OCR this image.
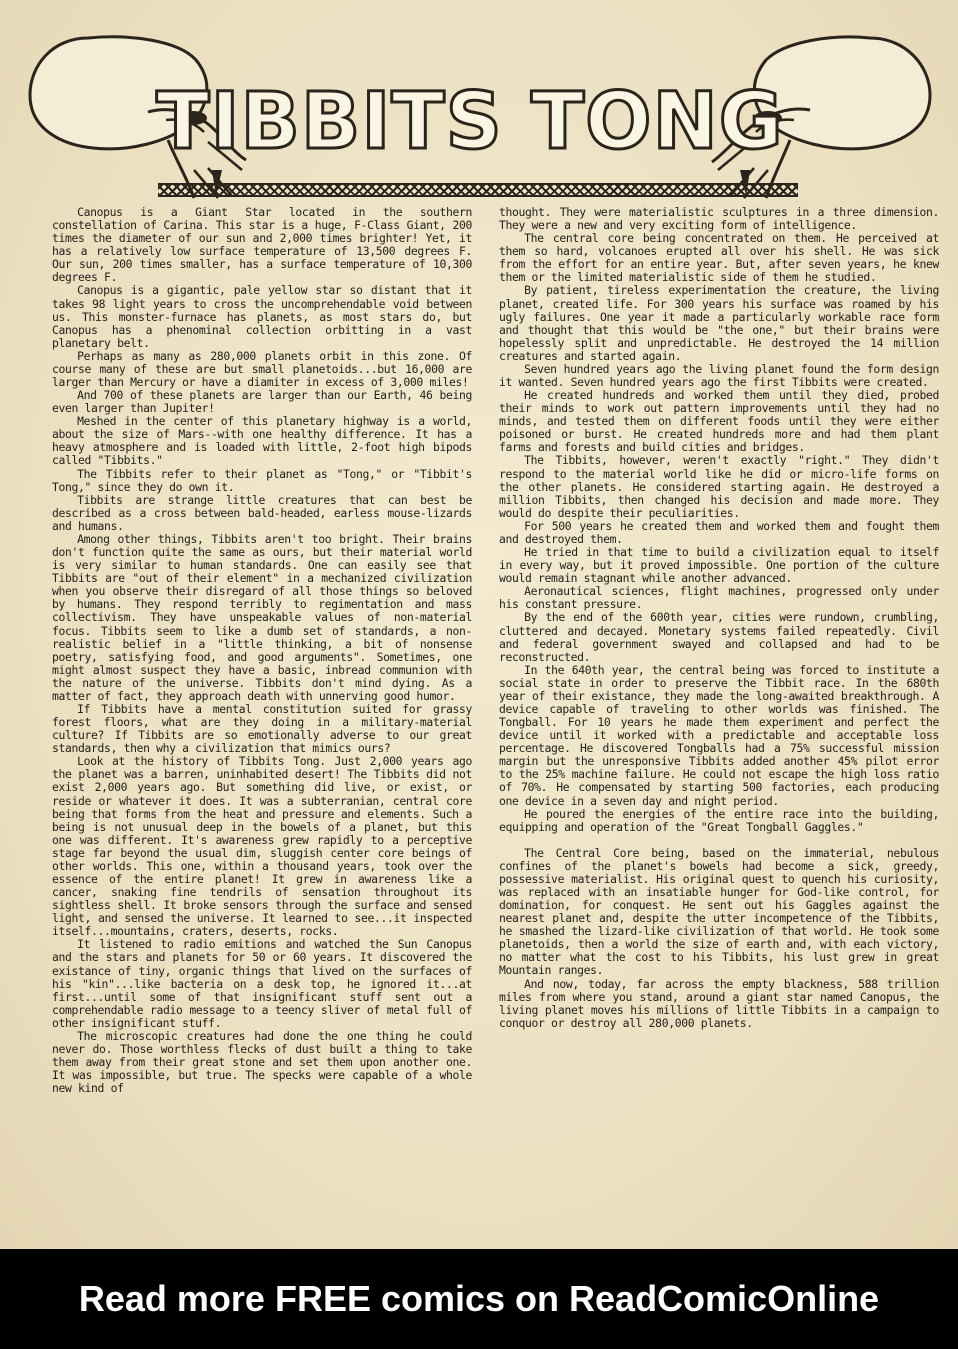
TIBBITS TONG

Canopus is a Giant Star located in the southern constellation of Carina. This star is a huge, F-Class Giant, 200 times the diameter of our sun and 2,000 times brighter! Yet, it has a relatively low surface temperature of 13,500 degrees F. Our sun, 200 times smaller, has a surface temperature of 10,300 degrees F.

Canopus is a gigantic, pale yellow star so distant that it takes 98 light years to cross the uncomprehendable void between us. This monster-furnace has planets, as most stars do, but Canopus has a phenominal collection orbitting in a vast planetary belt.

Perhaps as many as 280,000 planets orbit in this zone. Of course many of these are but small planetoids...but 16,000 are larger than Mercury or have a diamiter in excess of 3,000 miles!

And 700 of these planets are larger than our Earth, 46 being even larger than Jupiter!

Meshed in the center of this planetary highway is a world, about the size of Mars--with one healthy difference. It has a heavy atmosphere and is loaded with little, 2-foot high bipods called "Tibbits."

The Tibbits refer to their planet as "Tong," or "Tibbit's Tong," since they do own it.

Tibbits are strange little creatures that can best be described as a cross between bald-headed, earless mouse-lizards and humans.

Among other things, Tibbits aren't too bright. Their brains don't function quite the same as ours, but their material world is very similar to human standards. One can easily see that Tibbits are "out of their element" in a mechanized civilization when you observe their disregard of all those things so beloved by humans. They respond terribly to regimentation and mass collectivism. They have unspeakable values of non-material focus. Tibbits seem to like a dumb set of standards, a non-realistic belief in a "little thinking, a bit of nonsense poetry, satisfying food, and good arguments". Sometimes, one might almost suspect they have a basic, inbread communion with the nature of the universe. Tibbits don't mind dying. As a matter of fact, they approach death with unnerving good humor.

If Tibbits have a mental constitution suited for grassy forest floors, what are they doing in a military-material culture? If Tibbits are so emotionally adverse to our great standards, then why a civilization that mimics ours?

Look at the history of Tibbits Tong. Just 2,000 years ago the planet was a barren, uninhabited desert! The Tibbits did not exist 2,000 years ago. But something did live, or exist, or reside or whatever it does. It was a subterranian, central core being that forms from the heat and pressure and elements. Such a being is not unusual deep in the bowels of a planet, but this one was different. It's awareness grew rapidly to a perceptive stage far beyond the usual dim, sluggish center core beings of other worlds. This one, within a thousand years, took over the essence of the entire planet! It grew in awareness like a cancer, snaking fine tendrils of sensation throughout its sightless shell. It broke sensors through the surface and sensed light, and sensed the universe. It learned to see...it inspected itself...mountains, craters, deserts, rocks.

It listened to radio emitions and watched the Sun Canopus and the stars and planets for 50 or 60 years. It discovered the existance of tiny, organic things that lived on the surfaces of his "kin"...like bacteria on a desk top, he ignored it...at first...until some of that insignificant stuff sent out a comprehendable radio message to a teency sliver of metal full of other insignificant stuff.

The microscopic creatures had done the one thing he could never do. Those worthless flecks of dust built a thing to take them away from their great stone and set them upon another one. It was impossible, but true. The specks were capable of a whole new kind of

thought. They were materialistic sculptures in a three dimension. They were a new and very exciting form of intelligence.

The central core being concentrated on them. He perceived at them so hard, volcanoes erupted all over his shell. He was sick from the effort for an entire year. But, after seven years, he knew them or the limited materialistic side of them he studied.

By patient, tireless experimentation the creature, the living planet, created life. For 300 years his surface was roamed by his ugly failures. One year it made a particularly workable race form and thought that this would be "the one," but their brains were hopelessly split and unpredictable. He destroyed the 14 million creatures and started again.

Seven hundred years ago the living planet found the form design it wanted. Seven hundred years ago the first Tibbits were created.

He created hundreds and worked them until they died, probed their minds to work out pattern improvements until they had no minds, and tested them on different foods until they were either poisoned or burst. He created hundreds more and had them plant farms and forests and build cities and bridges.

The Tibbits, however, weren't exactly "right." They didn't respond to the material world like he did or micro-life forms on the other planets. He considered starting again. He destroyed a million Tibbits, then changed his decision and made more. They would do despite their peculiarities.

For 500 years he created them and worked them and fought them and destroyed them.

He tried in that time to build a civilization equal to itself in every way, but it proved impossible. One portion of the culture would remain stagnant while another advanced.

Aeronautical sciences, flight machines, progressed only under his constant pressure.

By the end of the 600th year, cities were rundown, crumbling, cluttered and decayed. Monetary systems failed repeatedly. Civil and federal government swayed and collapsed and had to be reconstructed.

In the 640th year, the central being was forced to institute a social state in order to preserve the Tibbit race. In the 680th year of their existance, they made the long-awaited breakthrough. A device capable of traveling to other worlds was finished. The Tongball. For 10 years he made them experiment and perfect the device until it worked with a predictable and acceptable loss percentage. He discovered Tongballs had a 75% successful mission margin but the unresponsive Tibbits added another 45% pilot error to the 25% machine failure. He could not escape the high loss ratio of 70%. He compensated by starting 500 factories, each producing one device in a seven day and night period.

He poured the energies of the entire race into the building, equipping and operation of the "Great Tongball Gaggles."

The Central Core being, based on the immaterial, nebulous confines of the planet's bowels had become a sick, greedy, possessive materialist. His original quest to quench his curiosity, was replaced with an insatiable hunger for God-like control, for domination, for conquest. He sent out his Gaggles against the nearest planet and, despite the utter incompetence of the Tibbits, he smashed the lizard-like civilization of that world. He took some planetoids, then a world the size of earth and, with each victory, no matter what the cost to his Tibbits, his lust grew in great Mountain ranges.

And now, today, far across the empty blackness, 588 trillion miles from where you stand, around a giant star named Canopus, the living planet moves his millions of little Tibbits in a campaign to conquor or destroy all 280,000 planets.

Read more FREE comics on ReadComicOnline
